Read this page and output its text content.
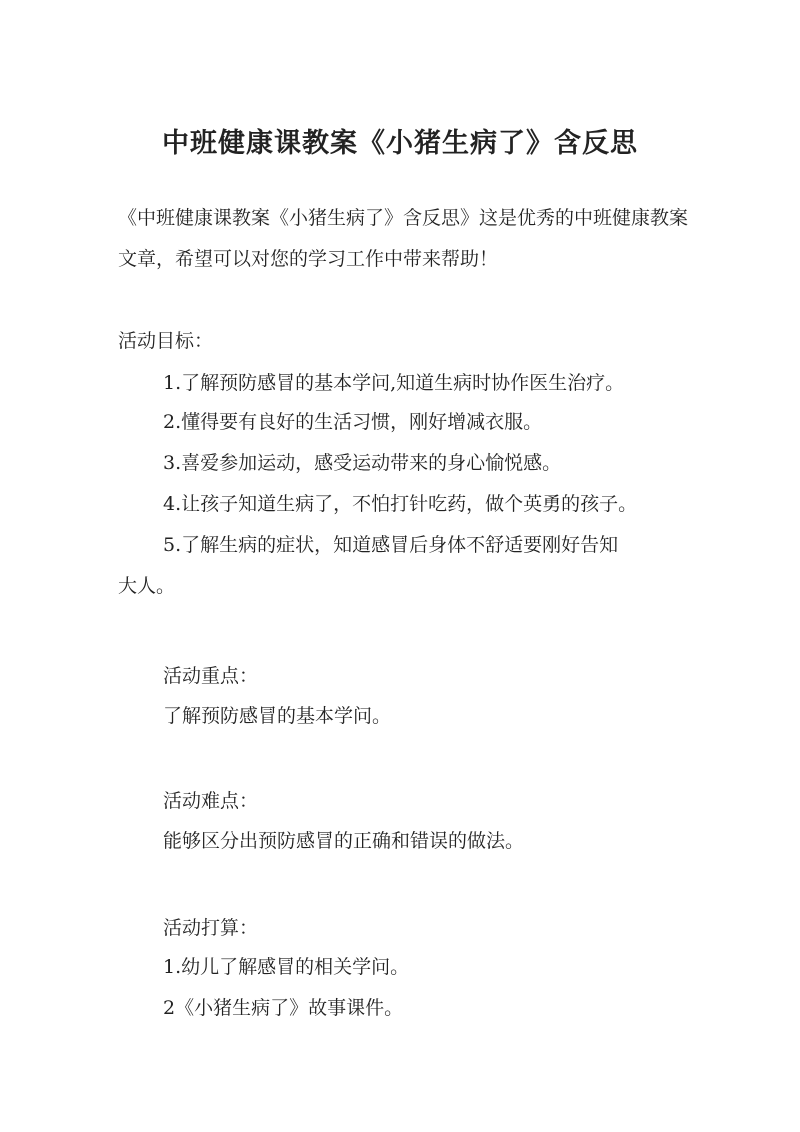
中班健康课教案《小猪生病了》含反思
《中班健康课教案《小猪生病了》含反思》这是优秀的中班健康教案文章，希望可以对您的学习工作中带来帮助！
活动目标：
1.了解预防感冒的基本学问,知道生病时协作医生治疗。
2.懂得要有良好的生活习惯，刚好增减衣服。
3.喜爱参加运动，感受运动带来的身心愉悦感。
4.让孩子知道生病了，不怕打针吃药，做个英勇的孩子。
5.了解生病的症状，知道感冒后身体不舒适要刚好告知
大人。
活动重点：
了解预防感冒的基本学问。
活动难点：
能够区分出预防感冒的正确和错误的做法。
活动打算：
1.幼儿了解感冒的相关学问。
2《小猪生病了》故事课件。
